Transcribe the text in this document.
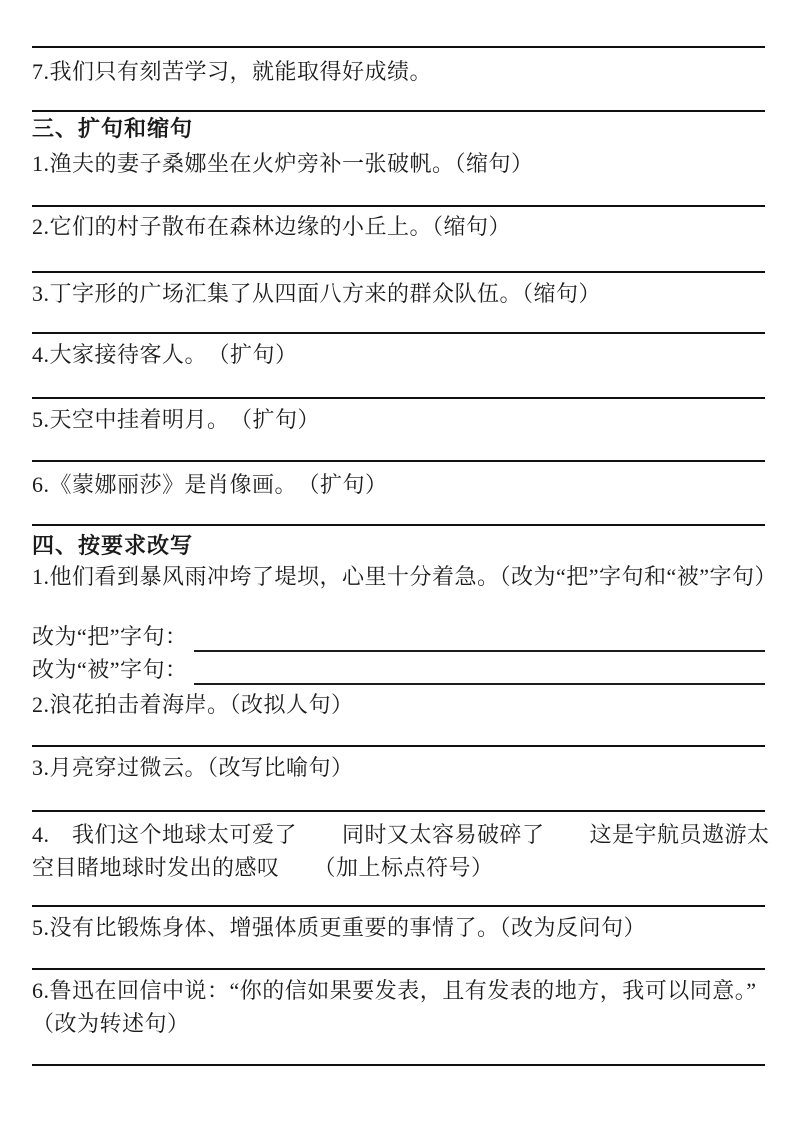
7.我们只有刻苦学习，就能取得好成绩。
三、扩句和缩句
1.渔夫的妻子桑娜坐在火炉旁补一张破帆。（缩句）
2.它们的村子散布在森林边缘的小丘上。（缩句）
3.丁字形的广场汇集了从四面八方来的群众队伍。（缩句）
4.大家接待客人。　（扩句）
5.天空中挂着明月。　（扩句）
6.《蒙娜丽莎》是肖像画。　（扩句）
四、按要求改写
1.他们看到暴风雨冲垮了堤坝，心里十分着急。（改为“把”字句和“被”字句）
改为“把”字句：
改为“被”字句：
2.浪花拍击着海岸。（改拟人句）
3.月亮穿过微云。（改写比喻句）
4.　我们这个地球太可爱了　　同时又太容易破碎了　　这是宇航员遨游太空目睹地球时发出的感叹　　（加上标点符号）
5.没有比锻炼身体、增强体质更重要的事情了。（改为反问句）
6.鲁迅在回信中说：“你的信如果要发表，且有发表的地方，我可以同意。”（改为转述句）
